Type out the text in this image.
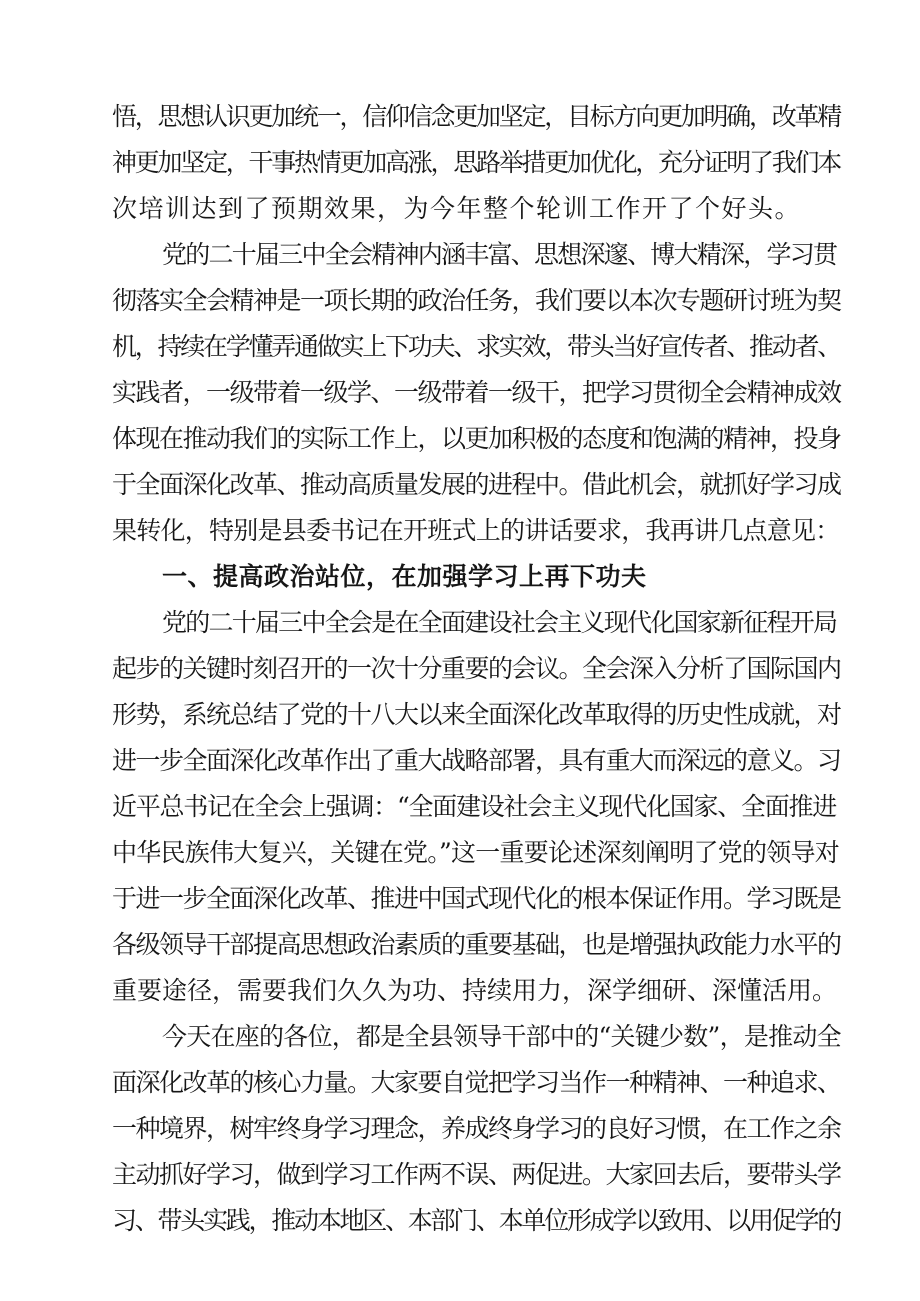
悟，思想认识更加统一，信仰信念更加坚定，目标方向更加明确，改革精
神更加坚定，干事热情更加高涨，思路举措更加优化，充分证明了我们本
次培训达到了预期效果，为今年整个轮训工作开了个好头。
党的二十届三中全会精神内涵丰富、思想深邃、博大精深，学习贯
彻落实全会精神是一项长期的政治任务，我们要以本次专题研讨班为契
机，持续在学懂弄通做实上下功夫、求实效，带头当好宣传者、推动者、
实践者，一级带着一级学、一级带着一级干，把学习贯彻全会精神成效
体现在推动我们的实际工作上，以更加积极的态度和饱满的精神，投身
于全面深化改革、推动高质量发展的进程中。借此机会，就抓好学习成
果转化，特别是县委书记在开班式上的讲话要求，我再讲几点意见：
一、提高政治站位，在加强学习上再下功夫
党的二十届三中全会是在全面建设社会主义现代化国家新征程开局
起步的关键时刻召开的一次十分重要的会议。全会深入分析了国际国内
形势，系统总结了党的十八大以来全面深化改革取得的历史性成就，对
进一步全面深化改革作出了重大战略部署，具有重大而深远的意义。习
近平总书记在全会上强调：“全面建设社会主义现代化国家、全面推进
中华民族伟大复兴，关键在党。”这一重要论述深刻阐明了党的领导对
于进一步全面深化改革、推进中国式现代化的根本保证作用。学习既是
各级领导干部提高思想政治素质的重要基础，也是增强执政能力水平的
重要途径，需要我们久久为功、持续用力，深学细研、深懂活用。
今天在座的各位，都是全县领导干部中的“关键少数”，是推动全
面深化改革的核心力量。大家要自觉把学习当作一种精神、一种追求、
一种境界，树牢终身学习理念，养成终身学习的良好习惯，在工作之余
主动抓好学习，做到学习工作两不误、两促进。大家回去后，要带头学
习、带头实践，推动本地区、本部门、本单位形成学以致用、以用促学的
